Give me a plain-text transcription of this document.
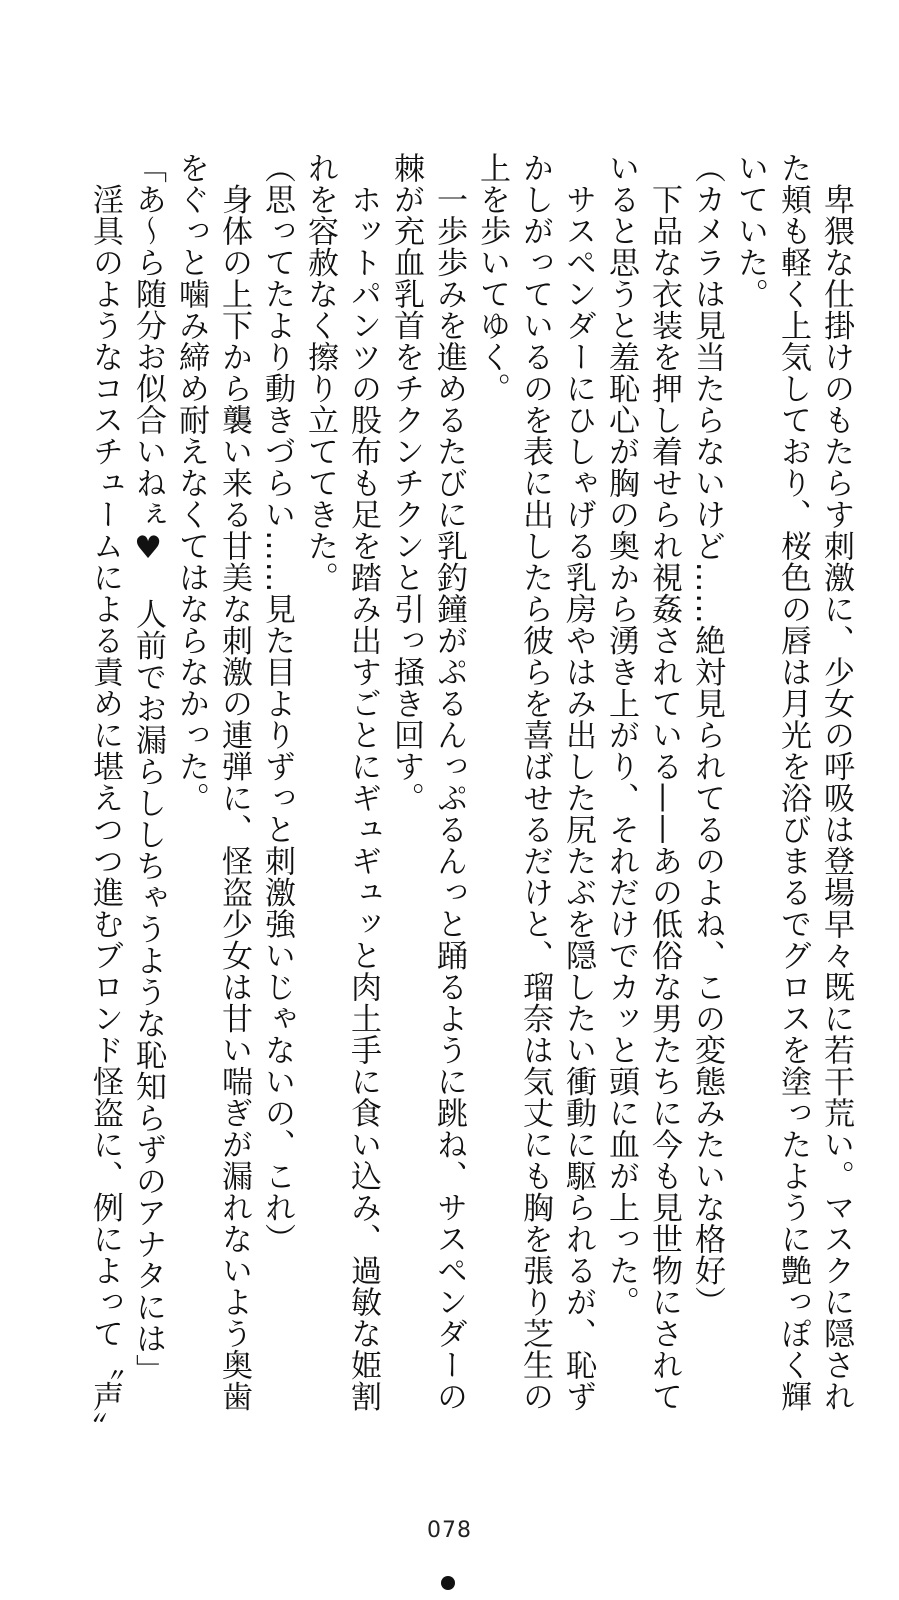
　卑猥な仕掛けのもたらす刺激に、少女の呼吸は登場早々既に若干荒い。マスクに隠され
た頬も軽く上気しており、桜色の唇は月光を浴びまるでグロスを塗ったように艶っぽく輝
いていた。
（カメラは見当たらないけど……絶対見られてるのよね、この変態みたいな格好）
　下品な衣装を押し着せられ視姦されている——あの低俗な男たちに今も見世物にされて
いると思うと羞恥心が胸の奥から湧き上がり、それだけでカッと頭に血が上った。
　サスペンダーにひしゃげる乳房やはみ出した尻たぶを隠したい衝動に駆られるが、恥ず
かしがっているのを表に出したら彼らを喜ばせるだけと、瑠奈は気丈にも胸を張り芝生の
上を歩いてゆく。
　一歩歩みを進めるたびに乳釣鐘がぷるんっぷるんっと踊るように跳ね、サスペンダーの
棘が充血乳首をチクンチクンと引っ掻き回す。
　ホットパンツの股布も足を踏み出すごとにギュギュッと肉土手に食い込み、過敏な姫割
れを容赦なく擦り立ててきた。
（思ってたより動きづらい……見た目よりずっと刺激強いじゃないの、これ）
　身体の上下から襲い来る甘美な刺激の連弾に、怪盗少女は甘い喘ぎが漏れないよう奥歯
をぐっと噛み締め耐えなくてはならなかった。
「あ～ら随分お似合いねぇ♥　人前でお漏らししちゃうような恥知らずのアナタには」
　淫具のようなコスチュームによる責めに堪えつつ進むブロンド怪盗に、例によって〝声〟
078
